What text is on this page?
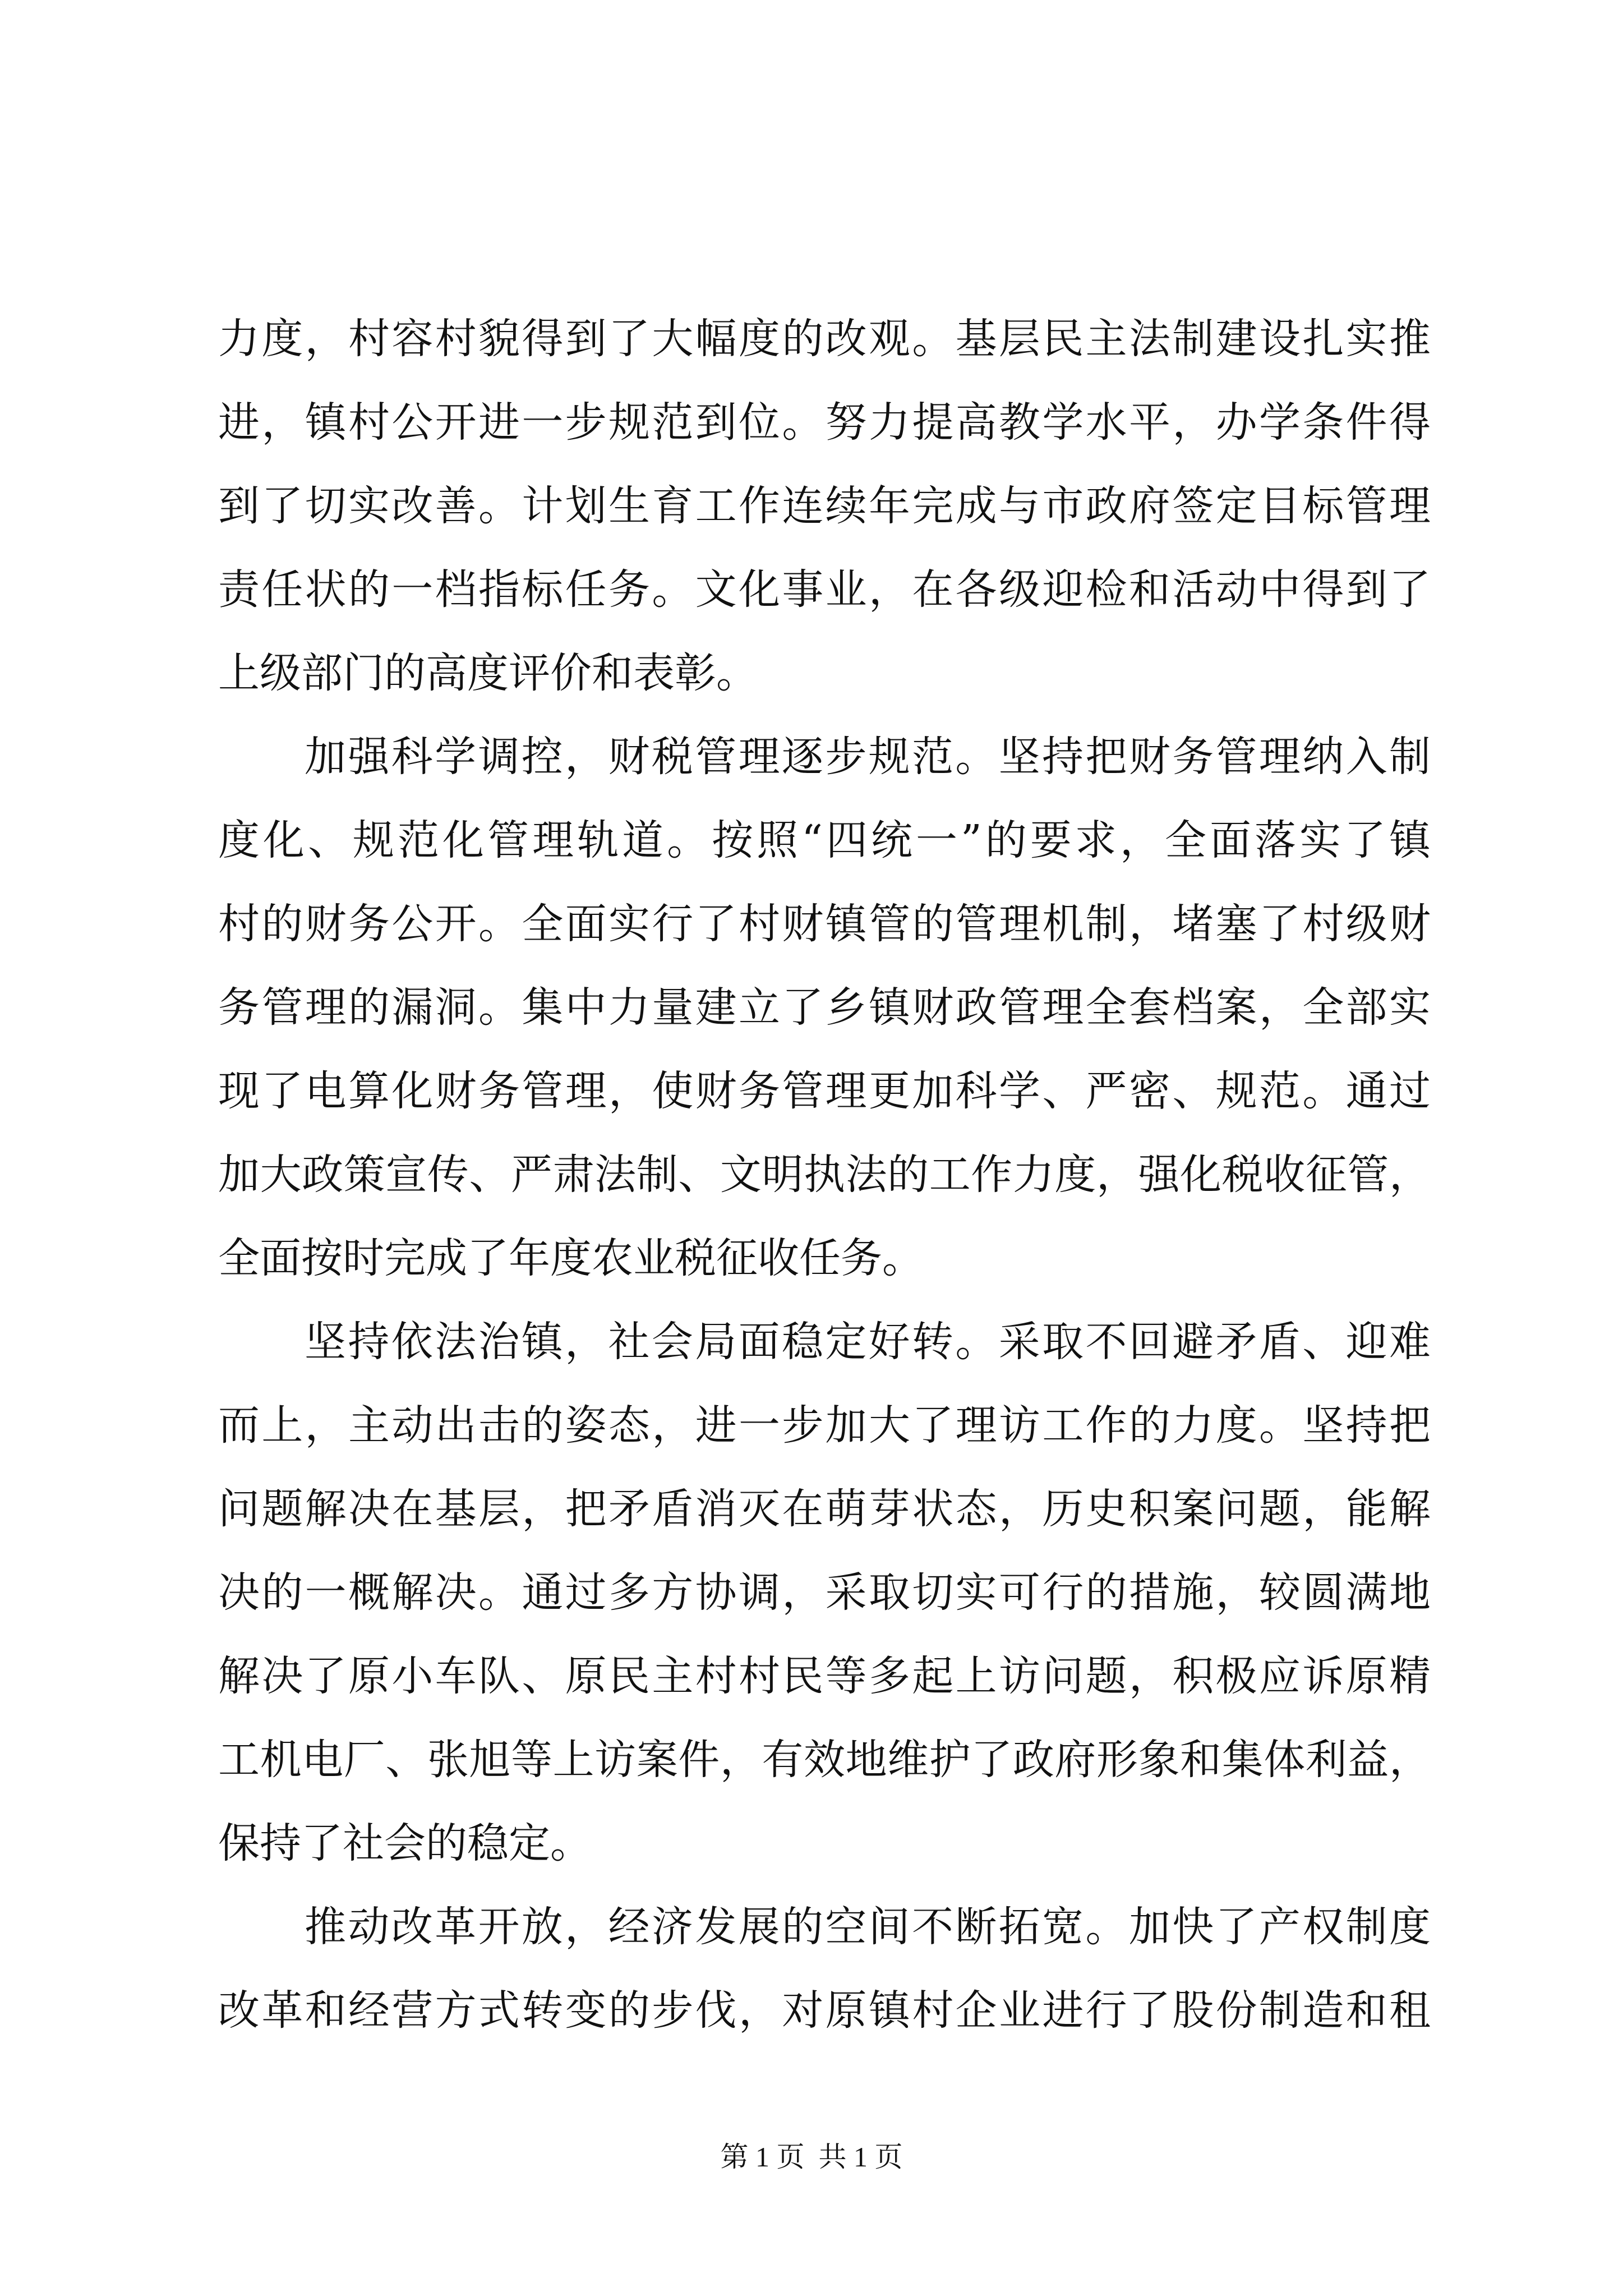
力度，村容村貌得到了大幅度的改观。基层民主法制建设扎实推
进，镇村公开进一步规范到位。努力提高教学水平，办学条件得
到了切实改善。计划生育工作连续年完成与市政府签定目标管理
责任状的一档指标任务。文化事业，在各级迎检和活动中得到了
上级部门的高度评价和表彰。
加强科学调控，财税管理逐步规范。坚持把财务管理纳入制
度化、规范化管理轨道。按照“四统一”的要求，全面落实了镇
村的财务公开。全面实行了村财镇管的管理机制，堵塞了村级财
务管理的漏洞。集中力量建立了乡镇财政管理全套档案，全部实
现了电算化财务管理，使财务管理更加科学、严密、规范。通过
加大政策宣传、严肃法制、文明执法的工作力度，强化税收征管，
全面按时完成了年度农业税征收任务。
坚持依法治镇，社会局面稳定好转。采取不回避矛盾、迎难
而上，主动出击的姿态，进一步加大了理访工作的力度。坚持把
问题解决在基层，把矛盾消灭在萌芽状态，历史积案问题，能解
决的一概解决。通过多方协调，采取切实可行的措施，较圆满地
解决了原小车队、原民主村村民等多起上访问题，积极应诉原精
工机电厂、张旭等上访案件，有效地维护了政府形象和集体利益，
保持了社会的稳定。
推动改革开放，经济发展的空间不断拓宽。加快了产权制度
改革和经营方式转变的步伐，对原镇村企业进行了股份制造和租
第 1 页  共 1 页
